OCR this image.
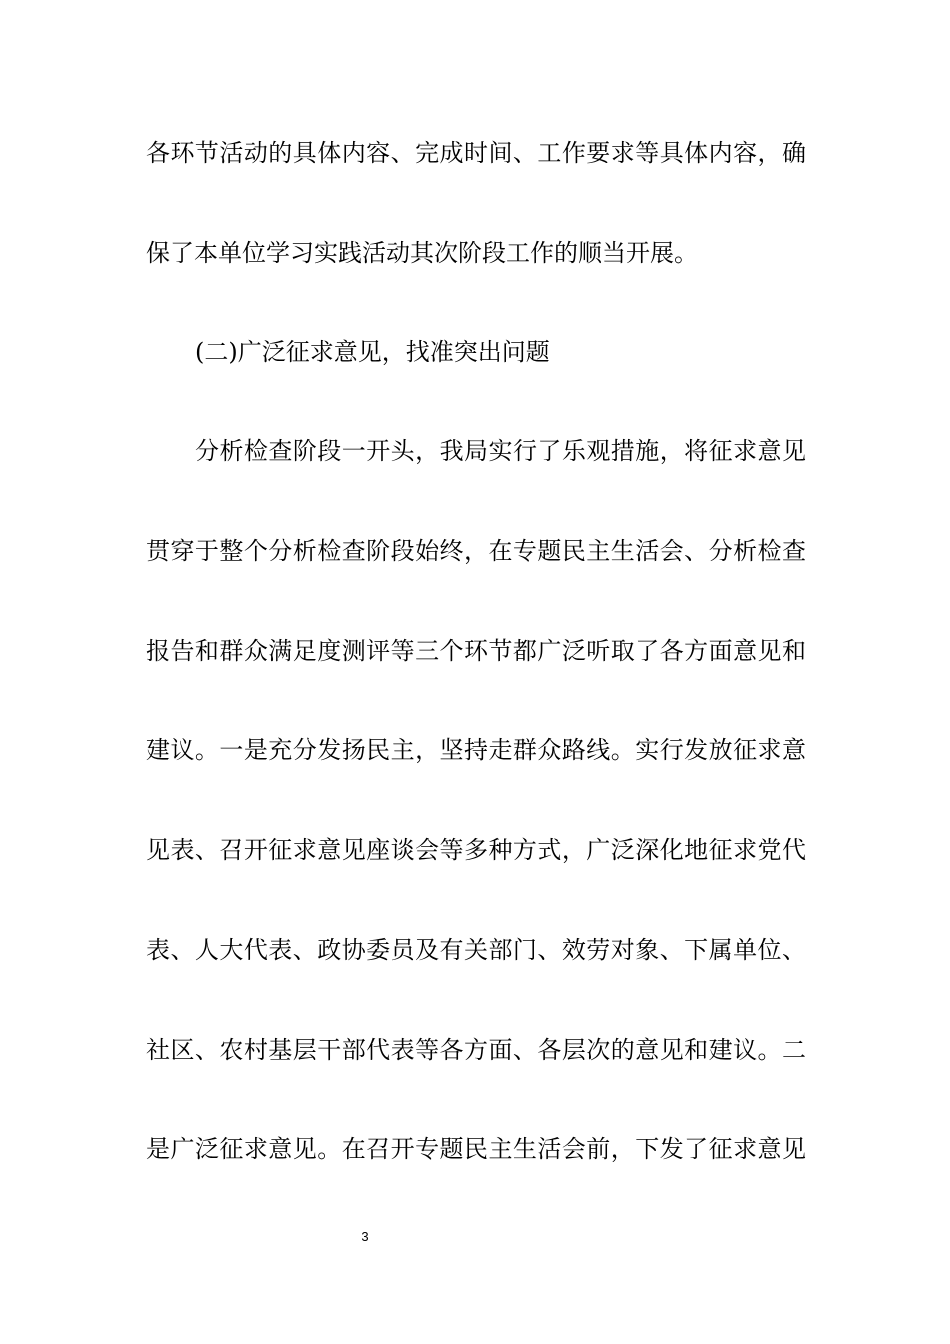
各环节活动的具体内容、完成时间、工作要求等具体内容，确
保了本单位学习实践活动其次阶段工作的顺当开展。
(二)广泛征求意见，找准突出问题
分析检查阶段一开头，我局实行了乐观措施，将征求意见
贯穿于整个分析检查阶段始终，在专题民主生活会、分析检查
报告和群众满足度测评等三个环节都广泛听取了各方面意见和
建议。一是充分发扬民主，坚持走群众路线。实行发放征求意
见表、召开征求意见座谈会等多种方式，广泛深化地征求党代
表、人大代表、政协委员及有关部门、效劳对象、下属单位、
社区、农村基层干部代表等各方面、各层次的意见和建议。二
是广泛征求意见。在召开专题民主生活会前，下发了征求意见
3
